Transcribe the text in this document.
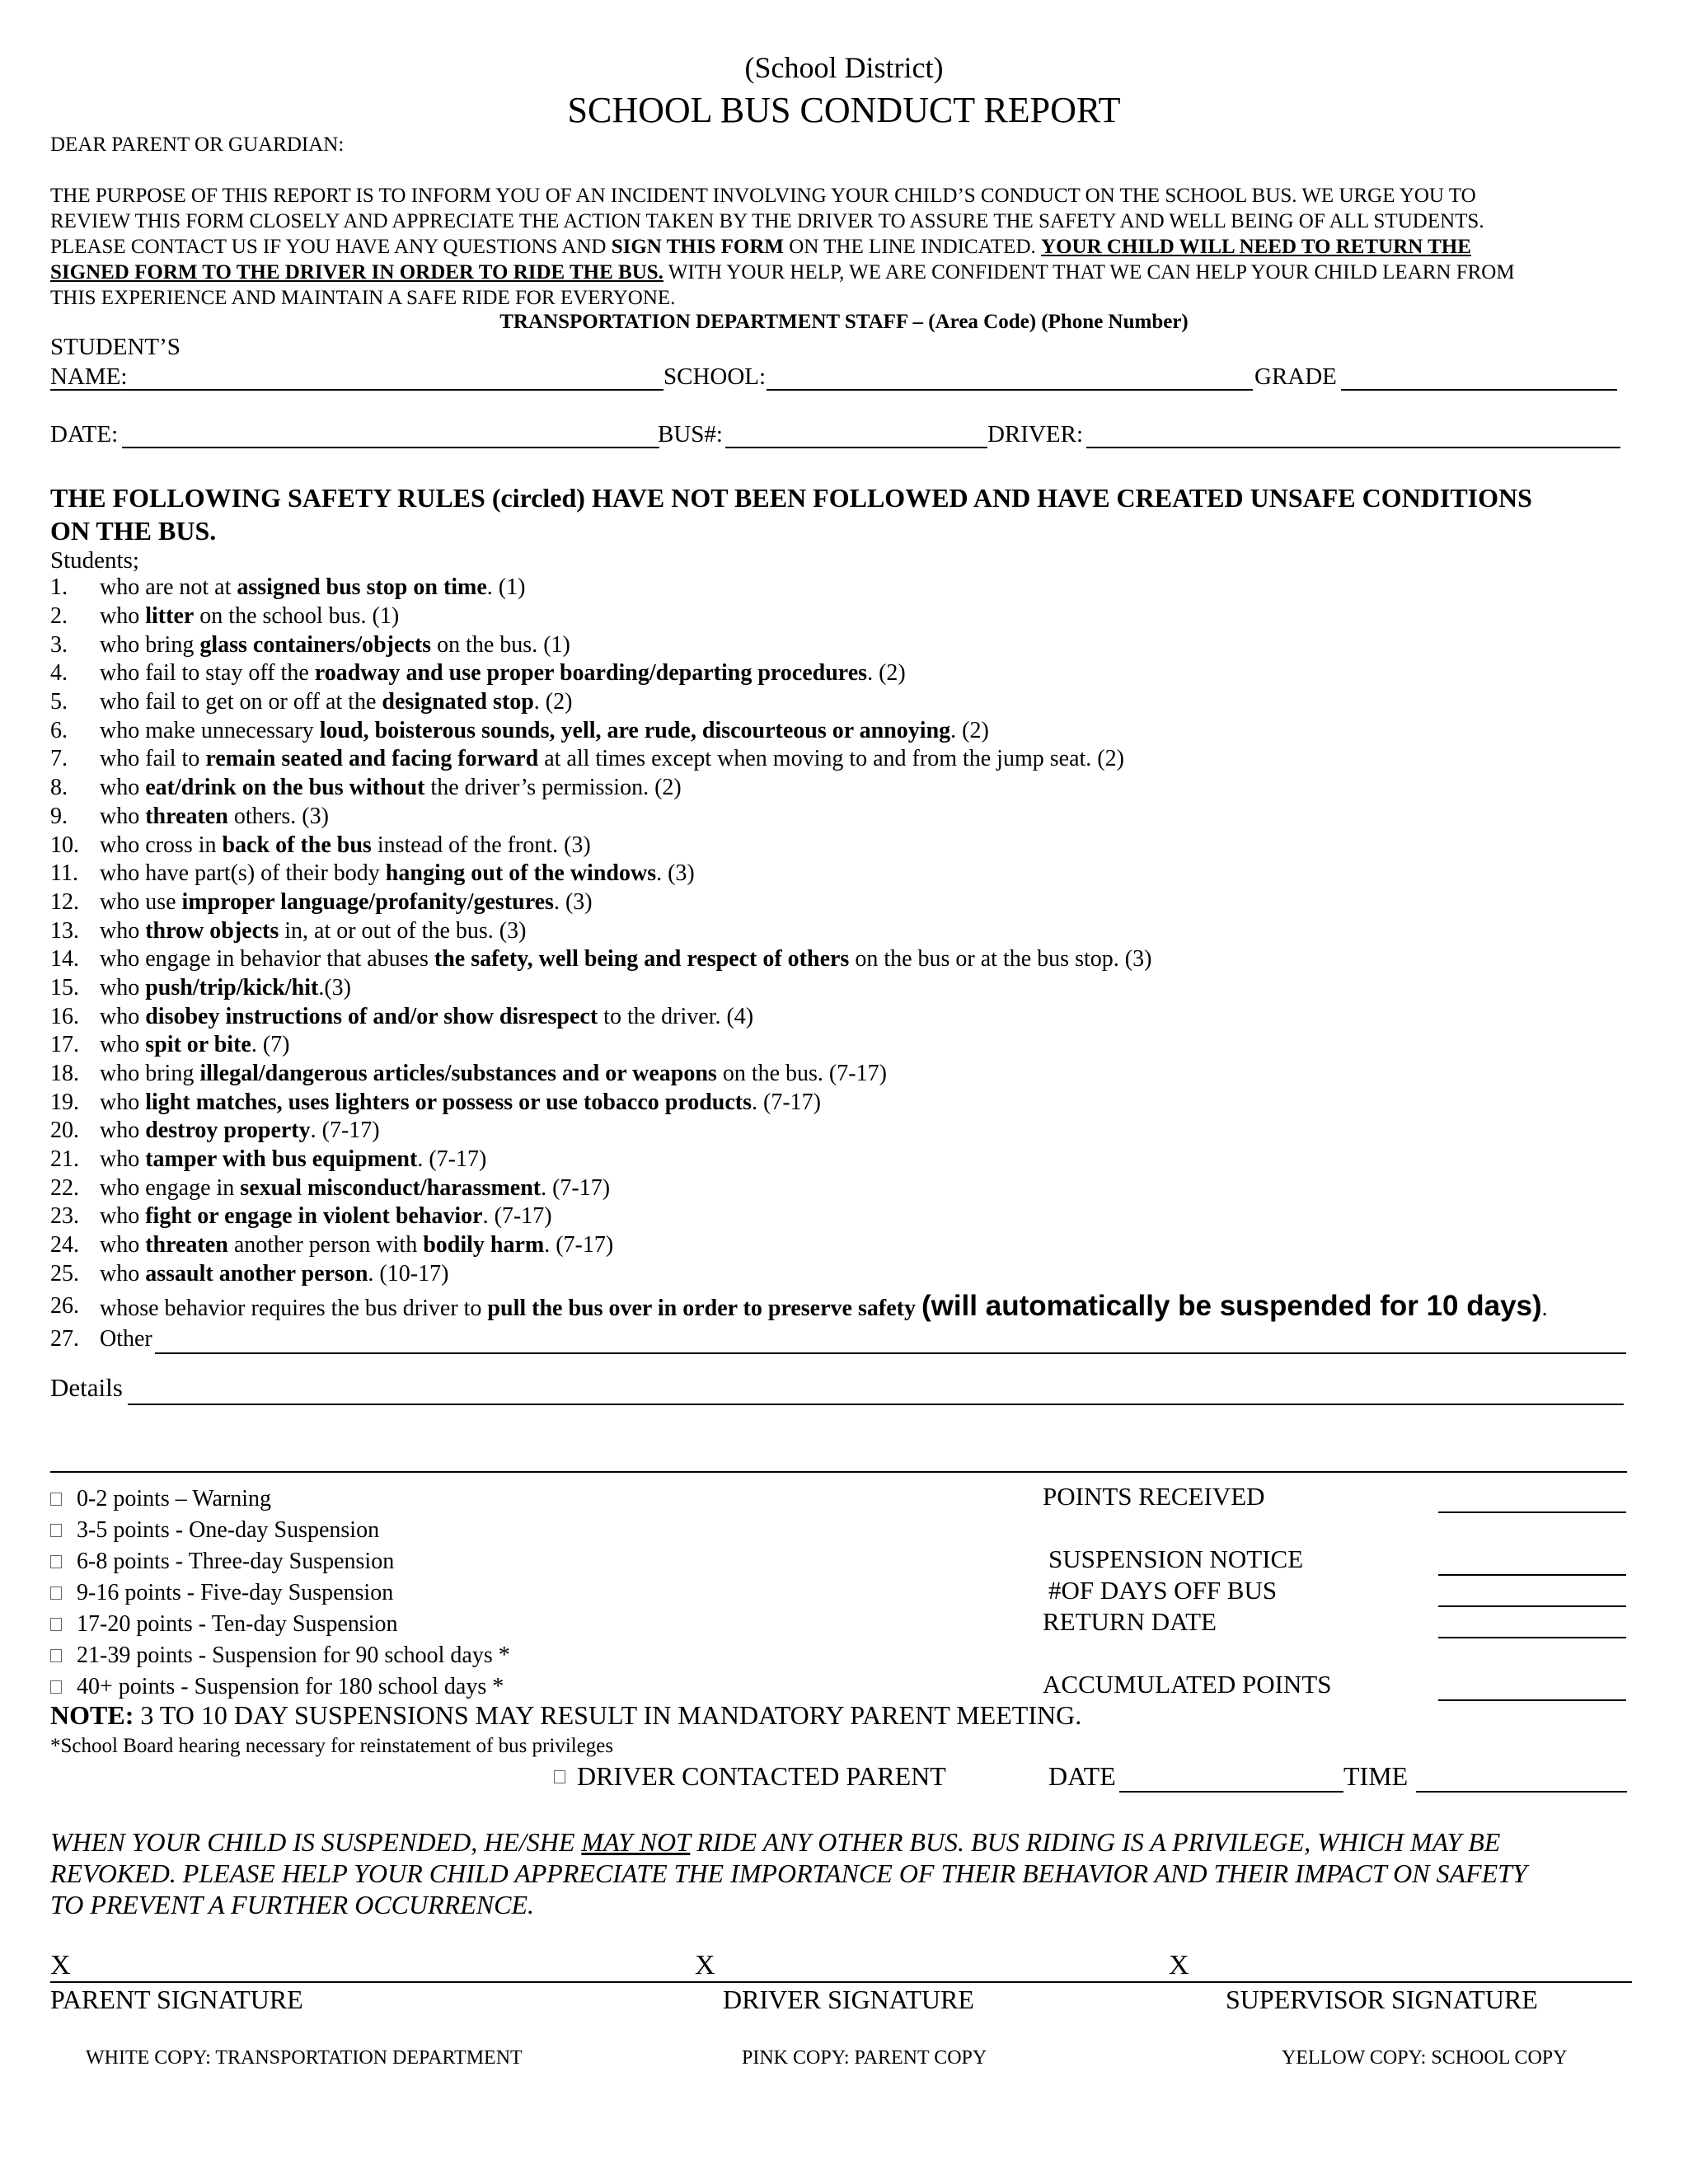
(School District)
SCHOOL BUS CONDUCT REPORT
DEAR PARENT OR GUARDIAN:
THE PURPOSE OF THIS REPORT IS TO INFORM YOU OF AN INCIDENT INVOLVING YOUR CHILD’S CONDUCT ON THE SCHOOL BUS. WE URGE YOU TO
REVIEW THIS FORM CLOSELY AND APPRECIATE THE ACTION TAKEN BY THE DRIVER TO ASSURE THE SAFETY AND WELL BEING OF ALL STUDENTS.
PLEASE CONTACT US IF YOU HAVE ANY QUESTIONS AND SIGN THIS FORM ON THE LINE INDICATED. YOUR CHILD WILL NEED TO RETURN THE
SIGNED FORM TO THE DRIVER IN ORDER TO RIDE THE BUS. WITH YOUR HELP, WE ARE CONFIDENT THAT WE CAN HELP YOUR CHILD LEARN FROM
THIS EXPERIENCE AND MAINTAIN A SAFE RIDE FOR EVERYONE.
TRANSPORTATION DEPARTMENT STAFF – (Area Code) (Phone Number)
STUDENT’S
NAME:	SCHOOL:	GRADE
DATE:	BUS#:	DRIVER:
THE FOLLOWING SAFETY RULES (circled) HAVE NOT BEEN FOLLOWED AND HAVE CREATED UNSAFE CONDITIONS
ON THE BUS.
Students;
1.	who are not at assigned bus stop on time. (1)
2.	who litter on the school bus. (1)
3.	who bring glass containers/objects on the bus. (1)
4.	who fail to stay off the roadway and use proper boarding/departing procedures. (2)
5.	who fail to get on or off at the designated stop. (2)
6.	who make unnecessary loud, boisterous sounds, yell, are rude, discourteous or annoying. (2)
7.	who fail to remain seated and facing forward at all times except when moving to and from the jump seat. (2)
8.	who eat/drink on the bus without the driver’s permission. (2)
9.	who threaten others. (3)
10. who cross in back of the bus instead of the front. (3)
11. who have part(s) of their body hanging out of the windows. (3)
12. who use improper language/profanity/gestures. (3)
13. who throw objects in, at or out of the bus. (3)
14. who engage in behavior that abuses the safety, well being and respect of others on the bus or at the bus stop. (3)
15. who push/trip/kick/hit.(3)
16. who disobey instructions of and/or show disrespect to the driver. (4)
17. who spit or bite. (7)
18. who bring illegal/dangerous articles/substances and or weapons on the bus. (7-17)
19. who light matches, uses lighters or possess or use tobacco products. (7-17)
20. who destroy property. (7-17)
21. who tamper with bus equipment. (7-17)
22. who engage in sexual misconduct/harassment. (7-17)
23. who fight or engage in violent behavior. (7-17)
24. who threaten another person with bodily harm. (7-17)
25. who assault another person. (10-17)
26. whose behavior requires the bus driver to pull the bus over in order to preserve safety (will automatically be suspended for 10 days).
27. Other
Details
0-2 points – Warning
3-5 points - One-day Suspension
6-8 points - Three-day Suspension
9-16 points - Five-day Suspension
17-20 points - Ten-day Suspension
21-39 points - Suspension for 90 school days *
40+ points - Suspension for 180 school days *
POINTS RECEIVED
SUSPENSION NOTICE
#OF DAYS OFF BUS
RETURN DATE
ACCUMULATED POINTS
NOTE: 3 TO 10 DAY SUSPENSIONS MAY RESULT IN MANDATORY PARENT MEETING.
*School Board hearing necessary for reinstatement of bus privileges
DRIVER CONTACTED PARENT	DATE	TIME
WHEN YOUR CHILD IS SUSPENDED, HE/SHE MAY NOT RIDE ANY OTHER BUS. BUS RIDING IS A PRIVILEGE, WHICH MAY BE
REVOKED. PLEASE HELP YOUR CHILD APPRECIATE THE IMPORTANCE OF THEIR BEHAVIOR AND THEIR IMPACT ON SAFETY
TO PREVENT A FURTHER OCCURRENCE.
X	X	X
PARENT SIGNATURE	DRIVER SIGNATURE	SUPERVISOR SIGNATURE
WHITE COPY: TRANSPORTATION DEPARTMENT	PINK COPY: PARENT COPY	YELLOW COPY: SCHOOL COPY
